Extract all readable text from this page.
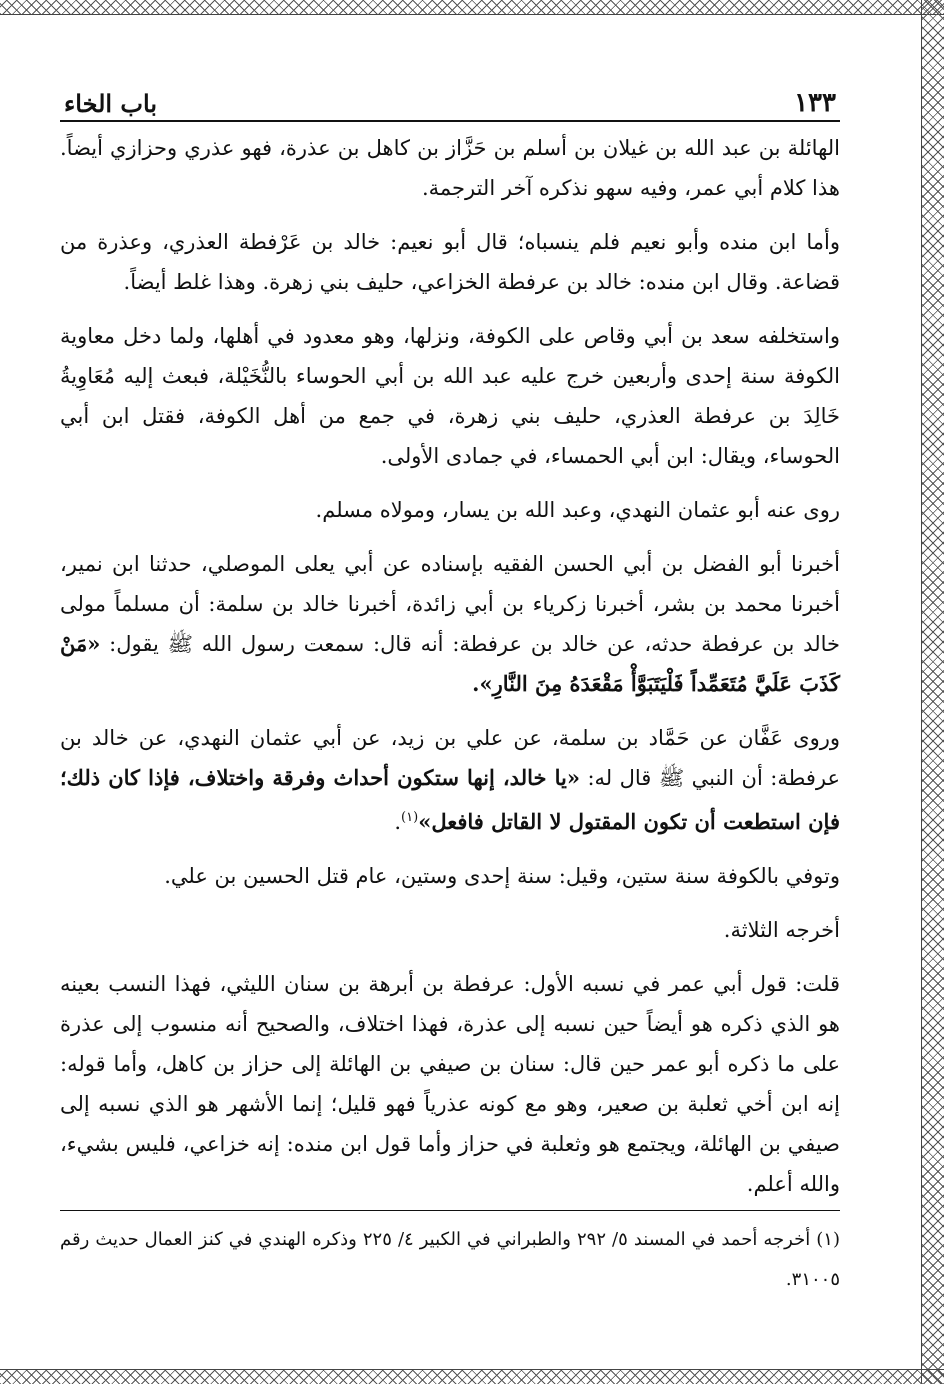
١٣٣
باب الخاء

الهائلة بن عبد الله بن غيلان بن أسلم بن حَزَّاز بن كاهل بن عذرة، فهو عذري وحزازي أيضاً. هذا كلام أبي عمر، وفيه سهو نذكره آخر الترجمة.

وأما ابن منده وأبو نعيم فلم ينسباه؛ قال أبو نعيم: خالد بن عَرْفطة العذري، وعذرة من قضاعة. وقال ابن منده: خالد بن عرفطة الخزاعي، حليف بني زهرة. وهذا غلط أيضاً.

واستخلفه سعد بن أبي وقاص على الكوفة، ونزلها، وهو معدود في أهلها، ولما دخل معاوية الكوفة سنة إحدى وأربعين خرج عليه عبد الله بن أبي الحوساء بالنُّخَيْلة، فبعث إليه مُعَاوِيةُ خَالِدَ بن عرفطة العذري، حليف بني زهرة، في جمع من أهل الكوفة، فقتل ابن أبي الحوساء، ويقال: ابن أبي الحمساء، في جمادى الأولى.

روى عنه أبو عثمان النهدي، وعبد الله بن يسار، ومولاه مسلم.

أخبرنا أبو الفضل بن أبي الحسن الفقيه بإسناده عن أبي يعلى الموصلي، حدثنا ابن نمير، أخبرنا محمد بن بشر، أخبرنا زكرياء بن أبي زائدة، أخبرنا خالد بن سلمة: أن مسلماً مولى خالد بن عرفطة حدثه، عن خالد بن عرفطة: أنه قال: سمعت رسول الله ﷺ يقول: «مَنْ كَذَبَ عَلَيَّ مُتَعَمِّداً فَلْيَتَبَوَّأْ مَقْعَدَهُ مِنَ النَّارِ».

وروى عَفَّان عن حَمَّاد بن سلمة، عن علي بن زيد، عن أبي عثمان النهدي، عن خالد بن عرفطة: أن النبي ﷺ قال له: «يا خالد، إنها ستكون أحداث وفرقة واختلاف، فإذا كان ذلك؛ فإن استطعت أن تكون المقتول لا القاتل فافعل»$^{(١)}$.

وتوفي بالكوفة سنة ستين، وقيل: سنة إحدى وستين، عام قتل الحسين بن علي.

أخرجه الثلاثة.

قلت: قول أبي عمر في نسبه الأول: عرفطة بن أبرهة بن سنان الليثي، فهذا النسب بعينه هو الذي ذكره هو أيضاً حين نسبه إلى عذرة، فهذا اختلاف، والصحيح أنه منسوب إلى عذرة على ما ذكره أبو عمر حين قال: سنان بن صيفي بن الهائلة إلى حزاز بن كاهل، وأما قوله: إنه ابن أخي ثعلبة بن صعير، وهو مع كونه عذرياً فهو قليل؛ إنما الأشهر هو الذي نسبه إلى صيفي بن الهائلة، ويجتمع هو وثعلبة في حزاز وأما قول ابن منده: إنه خزاعي، فليس بشيء، والله أعلم.

(١) أخرجه أحمد في المسند ٥/ ٢٩٢ والطبراني في الكبير ٤/ ٢٢٥ وذكره الهندي في كنز العمال حديث رقم ٣١٠٠٥.
